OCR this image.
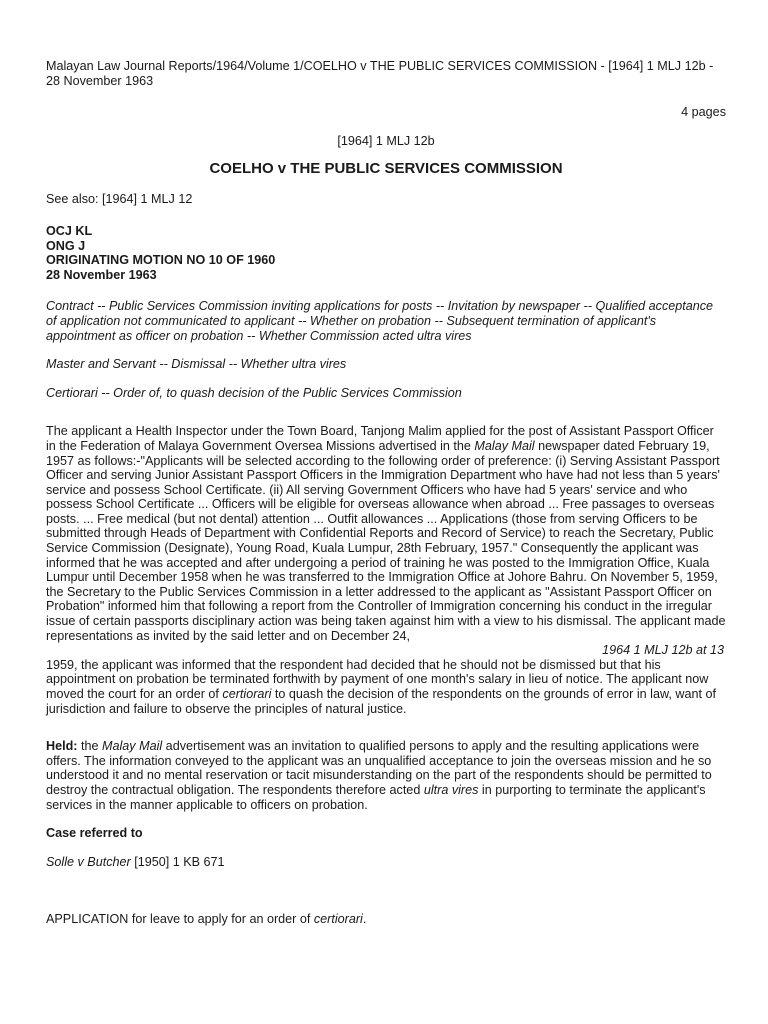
Malayan Law Journal Reports/1964/Volume 1/COELHO v THE PUBLIC SERVICES COMMISSION - [1964] 1 MLJ 12b - 28 November 1963

4 pages

[1964] 1 MLJ 12b

COELHO v THE PUBLIC SERVICES COMMISSION

See also: [1964] 1 MLJ 12

OCJ KL
ONG J
ORIGINATING MOTION NO 10 OF 1960
28 November 1963

Contract -- Public Services Commission inviting applications for posts -- Invitation by newspaper -- Qualified acceptance of application not communicated to applicant -- Whether on probation -- Subsequent termination of applicant's appointment as officer on probation -- Whether Commission acted ultra vires

Master and Servant -- Dismissal -- Whether ultra vires

Certiorari -- Order of, to quash decision of the Public Services Commission

The applicant a Health Inspector under the Town Board, Tanjong Malim applied for the post of Assistant Passport Officer in the Federation of Malaya Government Oversea Missions advertised in the Malay Mail newspaper dated February 19, 1957 as follows:-"Applicants will be selected according to the following order of preference: (i) Serving Assistant Passport Officer and serving Junior Assistant Passport Officers in the Immigration Department who have had not less than 5 years' service and possess School Certificate. (ii) All serving Government Officers who have had 5 years' service and who possess School Certificate ... Officers will be eligible for overseas allowance when abroad ... Free passages to overseas posts. ... Free medical (but not dental) attention ... Outfit allowances ... Applications (those from serving Officers to be submitted through Heads of Department with Confidential Reports and Record of Service) to reach the Secretary, Public Service Commission (Designate), Young Road, Kuala Lumpur, 28th February, 1957." Consequently the applicant was informed that he was accepted and after undergoing a period of training he was posted to the Immigration Office, Kuala Lumpur until December 1958 when he was transferred to the Immigration Office at Johore Bahru. On November 5, 1959, the Secretary to the Public Services Commission in a letter addressed to the applicant as "Assistant Passport Officer on Probation" informed him that following a report from the Controller of Immigration concerning his conduct in the irregular issue of certain passports disciplinary action was being taken against him with a view to his dismissal. The applicant made representations as invited by the said letter and on December 24,

1964 1 MLJ 12b at 13

1959, the applicant was informed that the respondent had decided that he should not be dismissed but that his appointment on probation be terminated forthwith by payment of one month's salary in lieu of notice. The applicant now moved the court for an order of certiorari to quash the decision of the respondents on the grounds of error in law, want of jurisdiction and failure to observe the principles of natural justice.

Held: the Malay Mail advertisement was an invitation to qualified persons to apply and the resulting applications were offers. The information conveyed to the applicant was an unqualified acceptance to join the overseas mission and he so understood it and no mental reservation or tacit misunderstanding on the part of the respondents should be permitted to destroy the contractual obligation. The respondents therefore acted ultra vires in purporting to terminate the applicant's services in the manner applicable to officers on probation.

Case referred to

Solle v Butcher [1950] 1 KB 671

APPLICATION for leave to apply for an order of certiorari.
